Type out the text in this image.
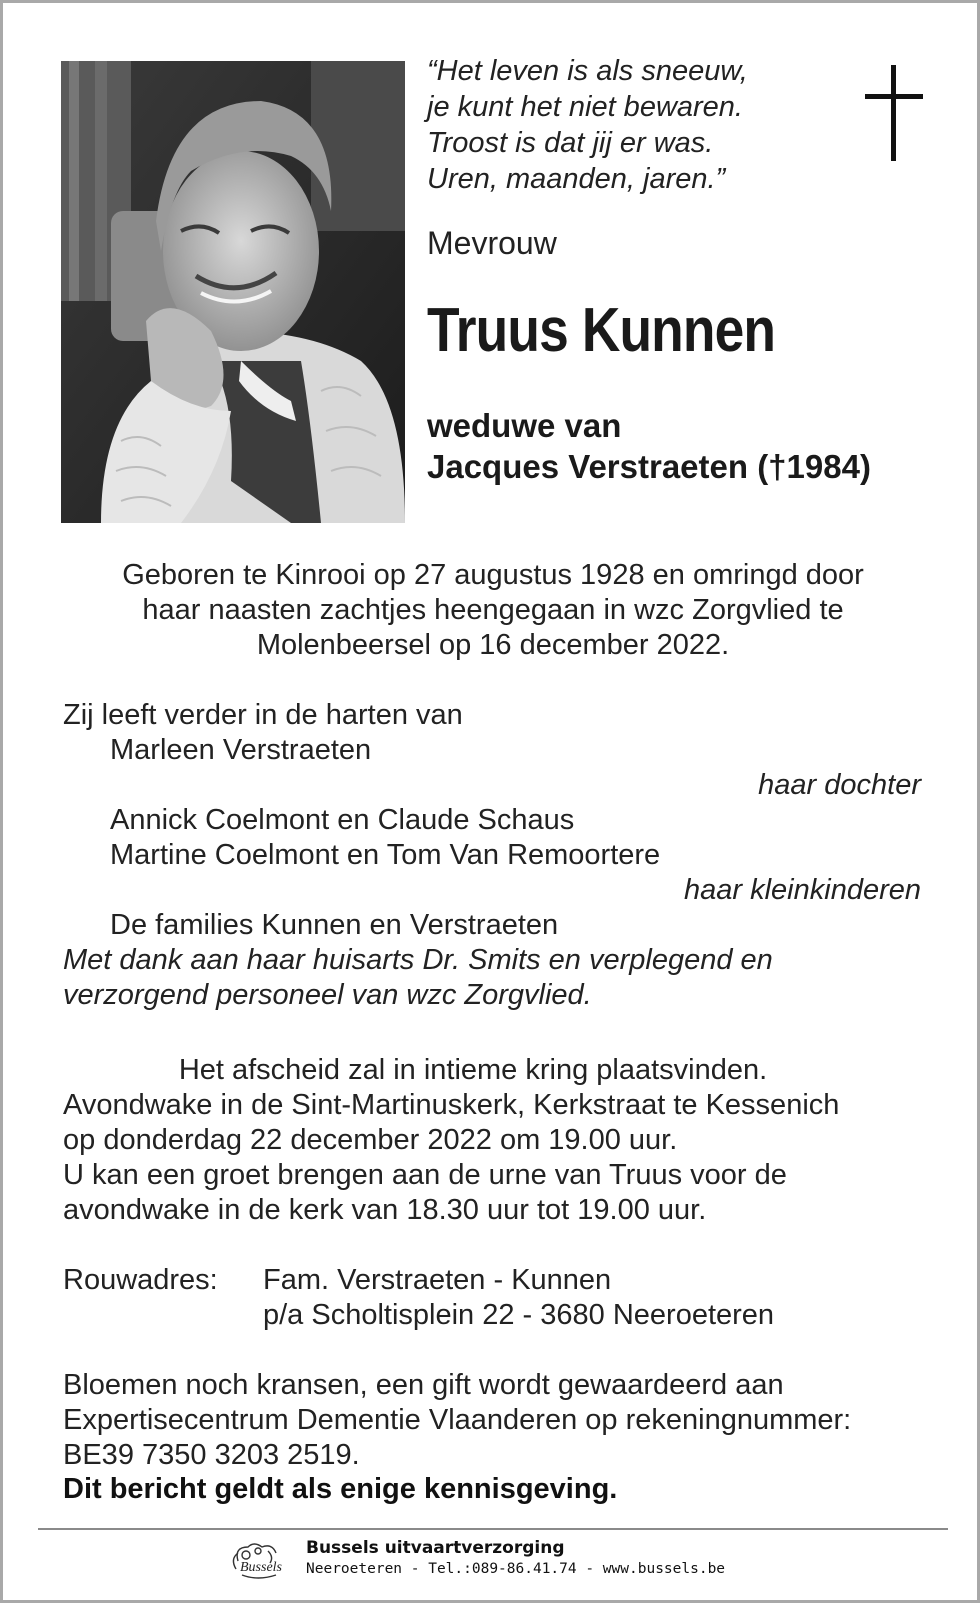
“Het leven is als sneeuw,
je kunt het niet bewaren.
Troost is dat jij er was.
Uren, maanden, jaren.”
Mevrouw
Truus Kunnen
weduwe van
Jacques Verstraeten (†1984)
Geboren te Kinrooi op 27 augustus 1928 en omringd door
haar naasten zachtjes heengegaan in wzc Zorgvlied te
Molenbeersel op 16 december 2022.
Zij leeft verder in de harten van
Marleen Verstraeten
haar dochter
Annick Coelmont en Claude Schaus
Martine Coelmont en Tom Van Remoortere
haar kleinkinderen
De families Kunnen en Verstraeten
Met dank aan haar huisarts Dr. Smits en verplegend en
verzorgend personeel van wzc Zorgvlied.
Het afscheid zal in intieme kring plaatsvinden.
Avondwake in de Sint-Martinuskerk, Kerkstraat te Kessenich
op donderdag 22 december 2022 om 19.00 uur.
U kan een groet brengen aan de urne van Truus voor de
avondwake in de kerk van 18.30 uur tot 19.00 uur.
Rouwadres: Fam. Verstraeten - Kunnen
p/a Scholtisplein 22 - 3680 Neeroeteren
Bloemen noch kransen, een gift wordt gewaardeerd aan
Expertisecentrum Dementie Vlaanderen op rekeningnummer:
BE39 7350 3203 2519.
Dit bericht geldt als enige kennisgeving.
Bussels
Bussels uitvaartverzorging
Neeroeteren - Tel.:089-86.41.74 - www.bussels.be
